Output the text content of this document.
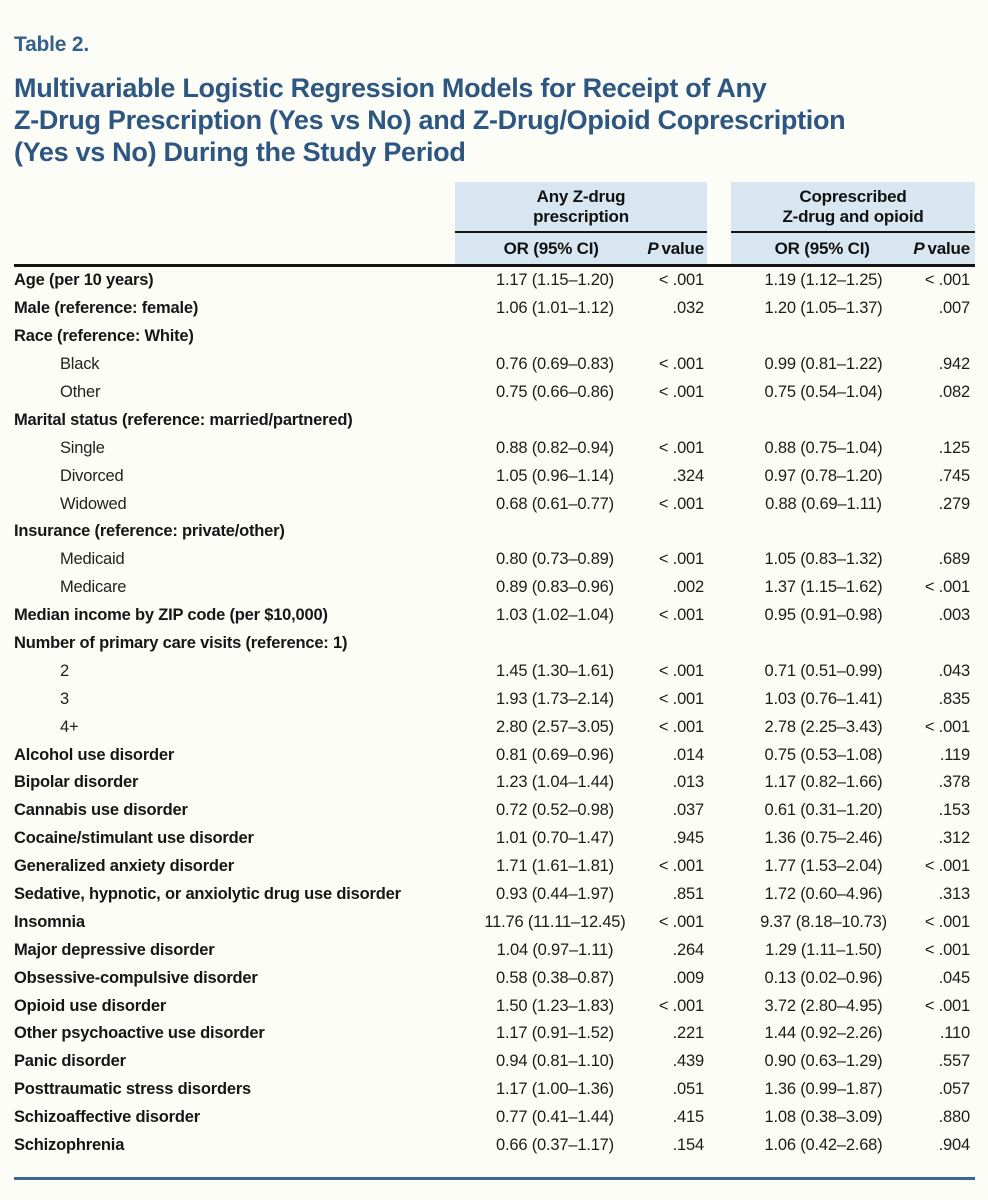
Table 2.
Multivariable Logistic Regression Models for Receipt of Any
Z-Drug Prescription (Yes vs No) and Z-Drug/Opioid Coprescription
(Yes vs No) During the Study Period
Any Z-drug
prescription
OR (95% CI)	P value
Coprescribed
Z-drug and opioid
OR (95% CI)	P value
Age (per 10 years)	1.17 (1.15–1.20)	< .001	1.19 (1.12–1.25)	< .001
Male (reference: female)	1.06 (1.01–1.12)	.032	1.20 (1.05–1.37)	.007
Race (reference: White)
Black	0.76 (0.69–0.83)	< .001	0.99 (0.81–1.22)	.942
Other	0.75 (0.66–0.86)	< .001	0.75 (0.54–1.04)	.082
Marital status (reference: married/partnered)
Single	0.88 (0.82–0.94)	< .001	0.88 (0.75–1.04)	.125
Divorced	1.05 (0.96–1.14)	.324	0.97 (0.78–1.20)	.745
Widowed	0.68 (0.61–0.77)	< .001	0.88 (0.69–1.11)	.279
Insurance (reference: private/other)
Medicaid	0.80 (0.73–0.89)	< .001	1.05 (0.83–1.32)	.689
Medicare	0.89 (0.83–0.96)	.002	1.37 (1.15–1.62)	< .001
Median income by ZIP code (per $10,000)	1.03 (1.02–1.04)	< .001	0.95 (0.91–0.98)	.003
Number of primary care visits (reference: 1)
2	1.45 (1.30–1.61)	< .001	0.71 (0.51–0.99)	.043
3	1.93 (1.73–2.14)	< .001	1.03 (0.76–1.41)	.835
4+	2.80 (2.57–3.05)	< .001	2.78 (2.25–3.43)	< .001
Alcohol use disorder	0.81 (0.69–0.96)	.014	0.75 (0.53–1.08)	.119
Bipolar disorder	1.23 (1.04–1.44)	.013	1.17 (0.82–1.66)	.378
Cannabis use disorder	0.72 (0.52–0.98)	.037	0.61 (0.31–1.20)	.153
Cocaine/stimulant use disorder	1.01 (0.70–1.47)	.945	1.36 (0.75–2.46)	.312
Generalized anxiety disorder	1.71 (1.61–1.81)	< .001	1.77 (1.53–2.04)	< .001
Sedative, hypnotic, or anxiolytic drug use disorder	0.93 (0.44–1.97)	.851	1.72 (0.60–4.96)	.313
Insomnia	11.76 (11.11–12.45)	< .001	9.37 (8.18–10.73)	< .001
Major depressive disorder	1.04 (0.97–1.11)	.264	1.29 (1.11–1.50)	< .001
Obsessive-compulsive disorder	0.58 (0.38–0.87)	.009	0.13 (0.02–0.96)	.045
Opioid use disorder	1.50 (1.23–1.83)	< .001	3.72 (2.80–4.95)	< .001
Other psychoactive use disorder	1.17 (0.91–1.52)	.221	1.44 (0.92–2.26)	.110
Panic disorder	0.94 (0.81–1.10)	.439	0.90 (0.63–1.29)	.557
Posttraumatic stress disorders	1.17 (1.00–1.36)	.051	1.36 (0.99–1.87)	.057
Schizoaffective disorder	0.77 (0.41–1.44)	.415	1.08 (0.38–3.09)	.880
Schizophrenia	0.66 (0.37–1.17)	.154	1.06 (0.42–2.68)	.904
